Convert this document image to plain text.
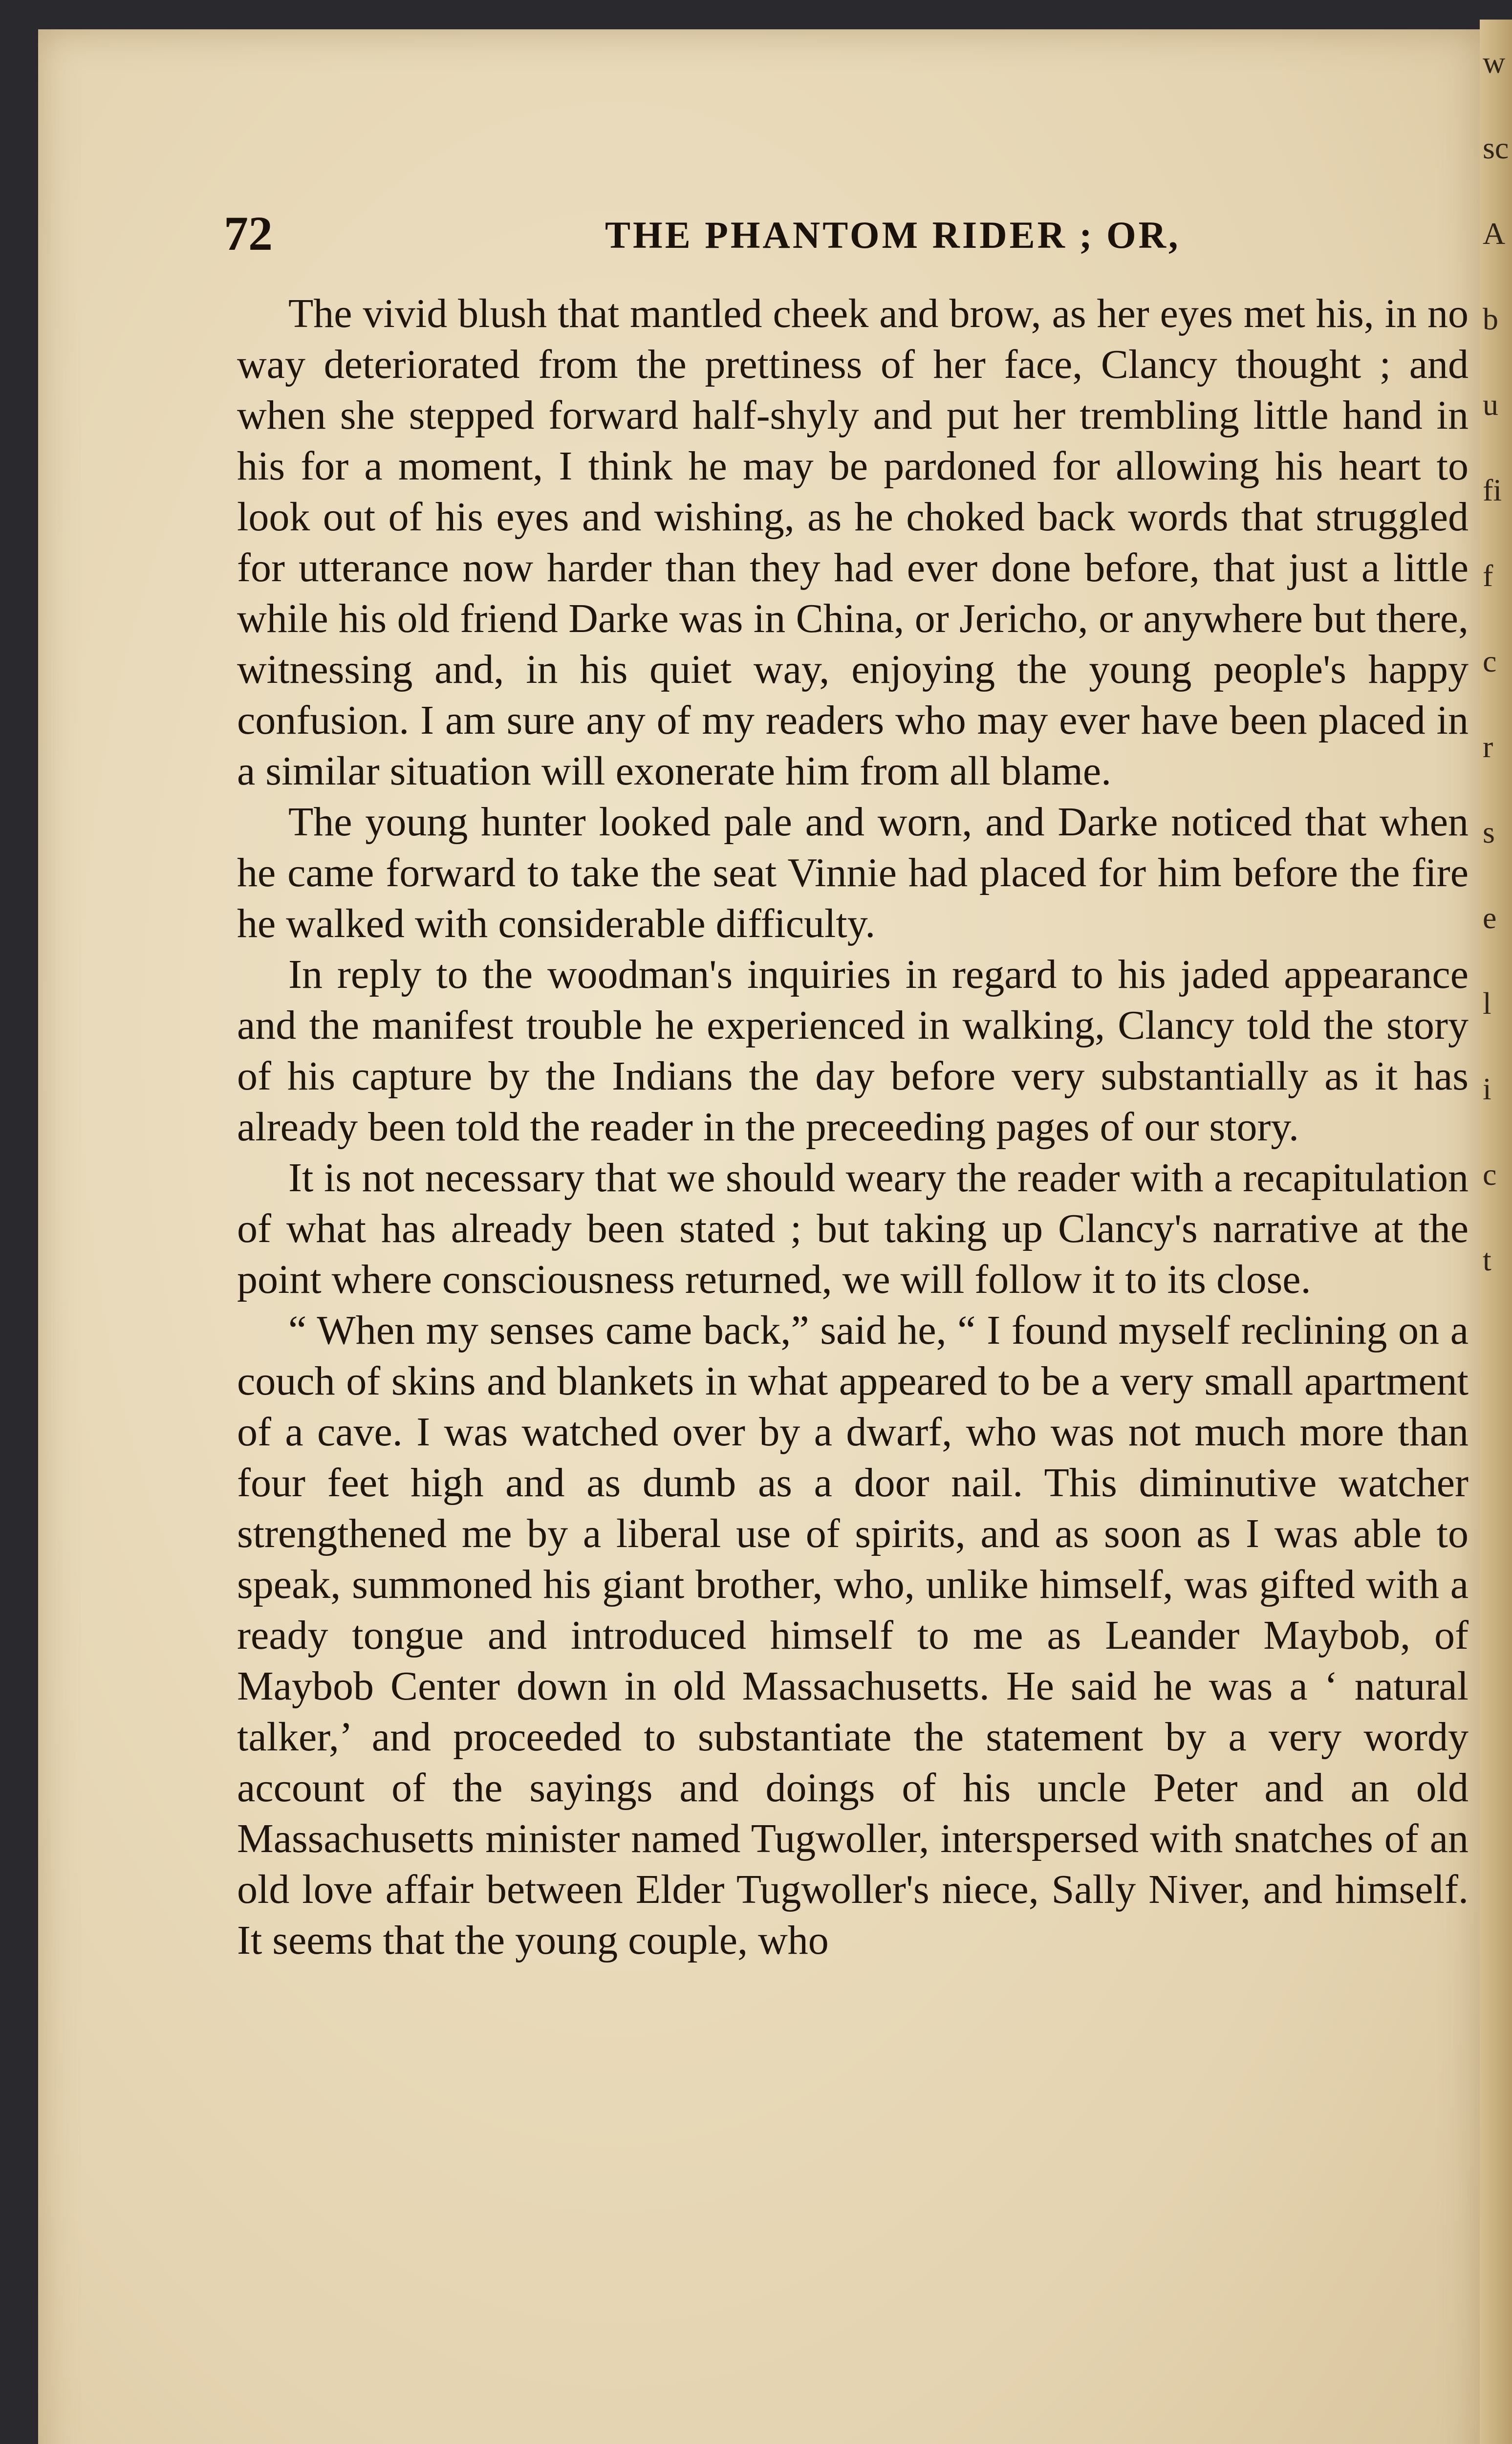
72	THE PHANTOM RIDER ; OR,

The vivid blush that mantled cheek and brow, as her eyes met his, in no way deteriorated from the prettiness of her face, Clancy thought ; and when she stepped forward half-shyly and put her trembling little hand in his for a moment, I think he may be pardoned for allowing his heart to look out of his eyes and wishing, as he choked back words that struggled for utterance now harder than they had ever done before, that just a little while his old friend Darke was in China, or Jericho, or anywhere but there, witnessing and, in his quiet way, enjoying the young people's happy confusion. I am sure any of my readers who may ever have been placed in a similar situation will exonerate him from all blame.

The young hunter looked pale and worn, and Darke noticed that when he came forward to take the seat Vinnie had placed for him before the fire he walked with considerable difficulty.

In reply to the woodman's inquiries in regard to his jaded appearance and the manifest trouble he experienced in walking, Clancy told the story of his capture by the Indians the day before very substantially as it has already been told the reader in the preceeding pages of our story.

It is not necessary that we should weary the reader with a recapitulation of what has already been stated ; but taking up Clancy's narrative at the point where consciousness returned, we will follow it to its close.

“ When my senses came back,” said he, “ I found myself reclining on a couch of skins and blankets in what appeared to be a very small apartment of a cave. I was watched over by a dwarf, who was not much more than four feet high and as dumb as a door nail. This diminutive watcher strengthened me by a liberal use of spirits, and as soon as I was able to speak, summoned his giant brother, who, unlike himself, was gifted with a ready tongue and introduced himself to me as Leander Maybob, of Maybob Center down in old Massachusetts. He said he was a ‘ natural talker,’ and proceeded to substantiate the statement by a very wordy account of the sayings and doings of his uncle Peter and an old Massachusetts minister named Tugwoller, interspersed with snatches of an old love affair between Elder Tugwoller's niece, Sally Niver, and himself. It seems that the young couple, who

w
sc
A
b
u
fi
f
c
r
s
e
l
i
c
t
